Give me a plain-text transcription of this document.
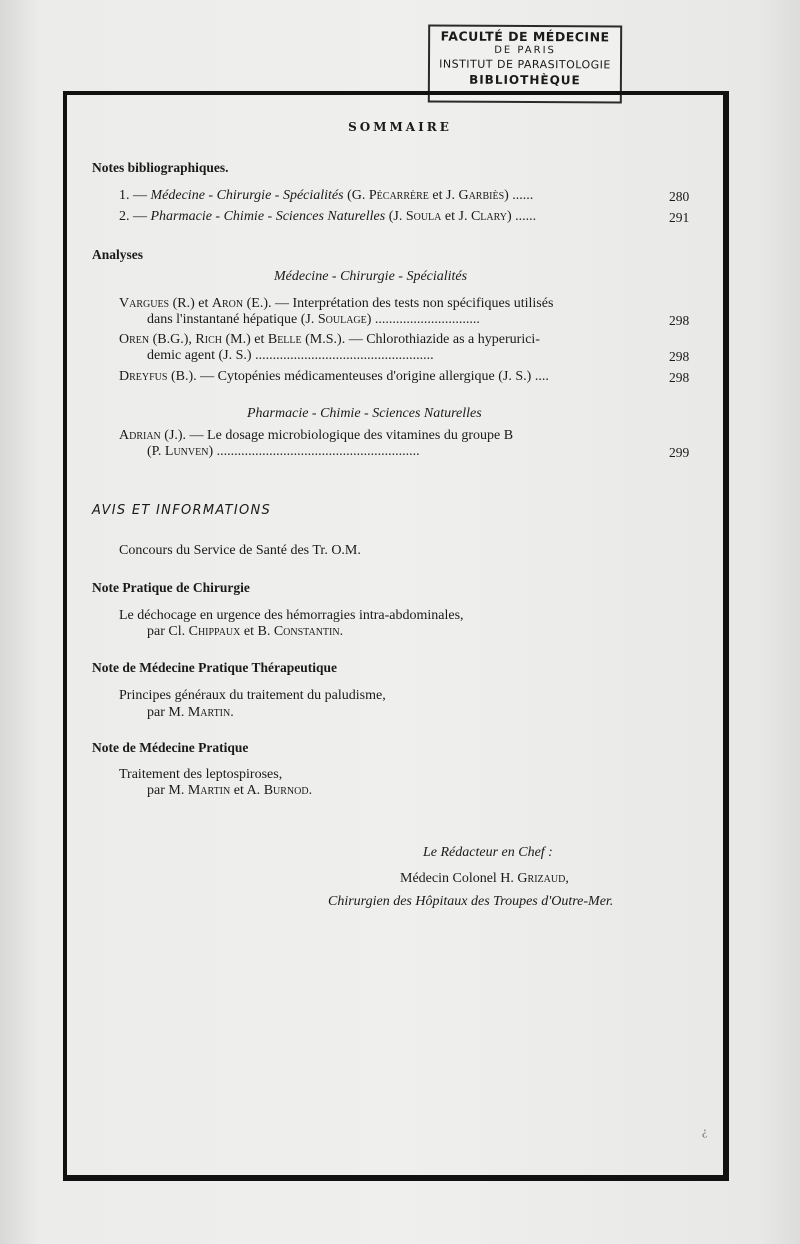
FACULTÉ DE MÉDECINE
DE PARIS
INSTITUT DE PARASITOLOGIE
BIBLIOTHÈQUE
SOMMAIRE
Notes bibliographiques.
1. — Médecine - Chirurgie - Spécialités (G. Pécarrère et J. Garbiès) ......	280
2. — Pharmacie - Chimie - Sciences Naturelles (J. Soula et J. Clary) ......	291
Analyses
Médecine - Chirurgie - Spécialités
Vargues (R.) et Aron (E.). — Interprétation des tests non spécifiques utilisés
dans l'instantané hépatique (J. Soulage) ..............................	298
Oren (B.G.), Rich (M.) et Belle (M.S.). — Chlorothiazide as a hyperurici-
demic agent (J. S.) ...................................................	298
Dreyfus (B.). — Cytopénies médicamenteuses d'origine allergique (J. S.) ....	298
Pharmacie - Chimie - Sciences Naturelles
Adrian (J.). — Le dosage microbiologique des vitamines du groupe B
(P. Lunven) ..........................................................	299
AVIS ET INFORMATIONS
Concours du Service de Santé des Tr. O.M.
Note Pratique de Chirurgie
Le déchocage en urgence des hémorragies intra-abdominales,
par Cl. Chippaux et B. Constantin.
Note de Médecine Pratique Thérapeutique
Principes généraux du traitement du paludisme,
par M. Martin.
Note de Médecine Pratique
Traitement des leptospiroses,
par M. Martin et A. Burnod.
Le Rédacteur en Chef :
Médecin Colonel H. Grizaud,
Chirurgien des Hôpitaux des Troupes d'Outre-Mer.
¿
